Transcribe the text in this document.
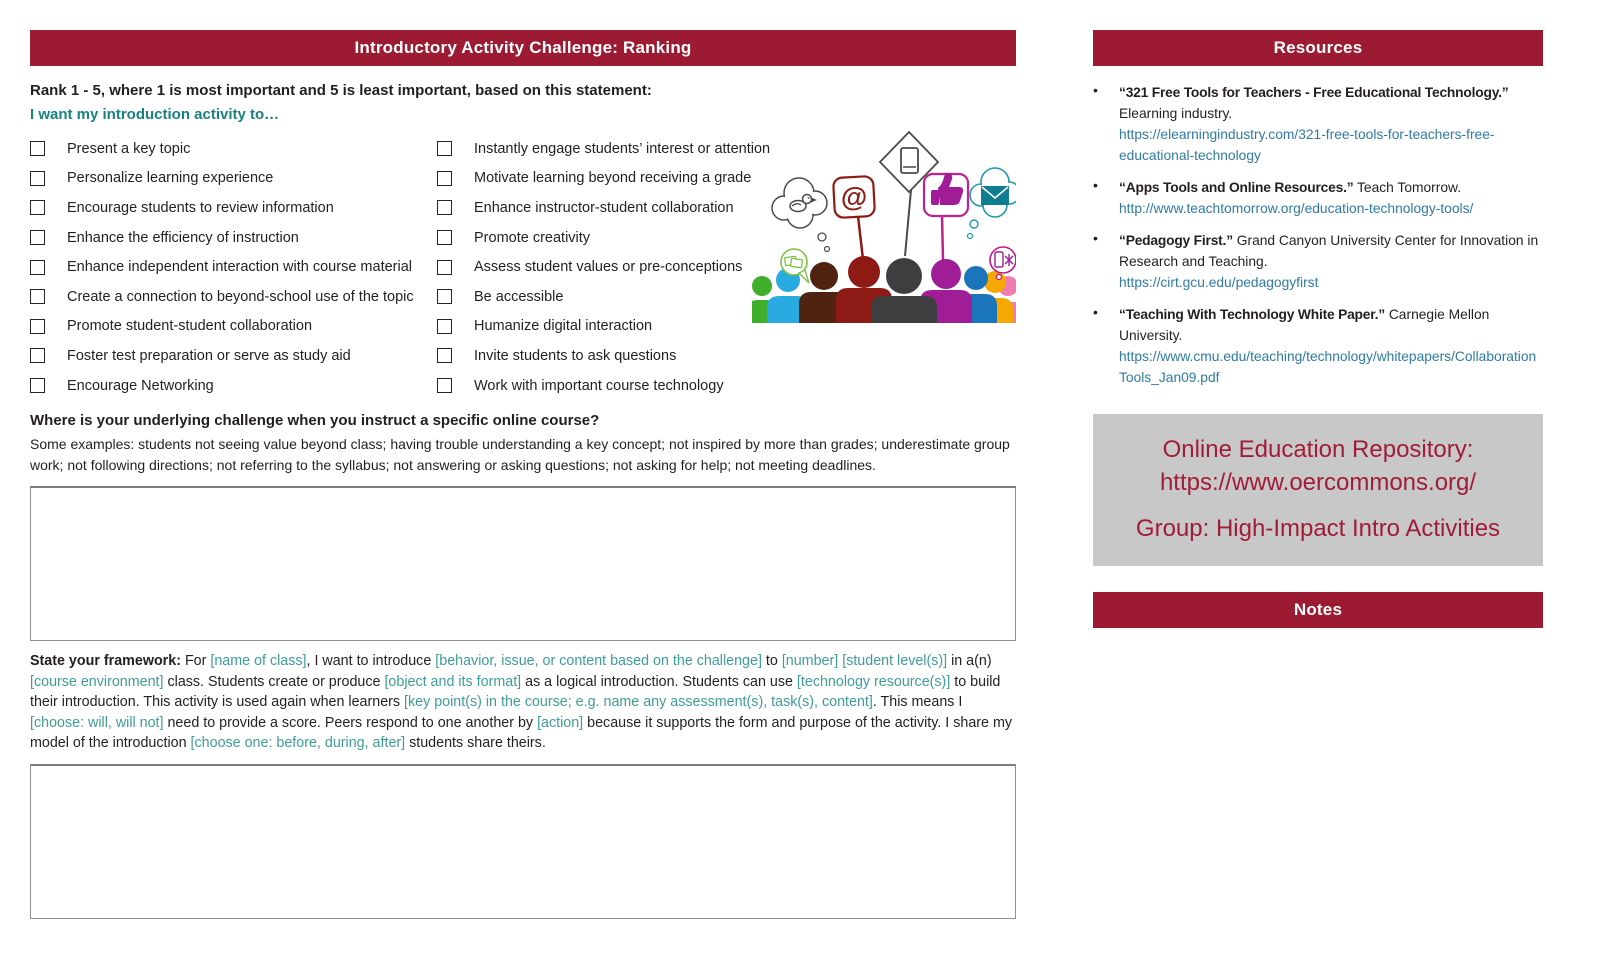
Introductory Activity Challenge: Ranking

Rank 1 - 5, where 1 is most important and 5 is least important, based on this statement:

I want my introduction activity to…

Present a key topic
Personalize learning experience
Encourage students to review information
Enhance the efficiency of instruction
Enhance independent interaction with course material
Create a connection to beyond-school use of the topic
Promote student-student collaboration
Foster test preparation or serve as study aid
Encourage Networking
Instantly engage students’ interest or attention
Motivate learning beyond receiving a grade
Enhance instructor-student collaboration
Promote creativity
Assess student values or pre-conceptions
Be accessible
Humanize digital interaction
Invite students to ask questions
Work with important course technology
@

Where is your underlying challenge when you instruct a specific online course?

Some examples: students not seeing value beyond class; having trouble understanding a key concept; not inspired by more than grades; underestimate group work; not following directions; not referring to the syllabus; not answering or asking questions; not asking for help; not meeting deadlines.

State your framework: For [name of class], I want to introduce [behavior, issue, or content based on the challenge] to [number] [student level(s)] in a(n) [course environment] class. Students create or produce [object and its format] as a logical introduction. Students can use [technology resource(s)] to build their introduction. This activity is used again when learners [key point(s) in the course; e.g. name any assessment(s), task(s), content]. This means I [choose: will, will not] need to provide a score. Peers respond to one another by [action] because it supports the form and purpose of the activity. I share my model of the introduction [choose one: before, during, after] students share theirs.

Resources
•	“321 Free Tools for Teachers - Free Educational Technology.” Elearning industry.
https://elearningindustry.com/321-free-tools-for-teachers-free-educational-technology
•	“Apps Tools and Online Resources.” Teach Tomorrow.
http://www.teachtomorrow.org/education-technology-tools/
•	“Pedagogy First.” Grand Canyon University Center for Innovation in Research and Teaching.
https://cirt.gcu.edu/pedagogyfirst
•	“Teaching With Technology White Paper.” Carnegie Mellon University.
https://www.cmu.edu/teaching/technology/whitepapers/CollaborationTools_Jan09.pdf
Online Education Repository:
https://www.oercommons.org/
Group: High-Impact Intro Activities
Notes
